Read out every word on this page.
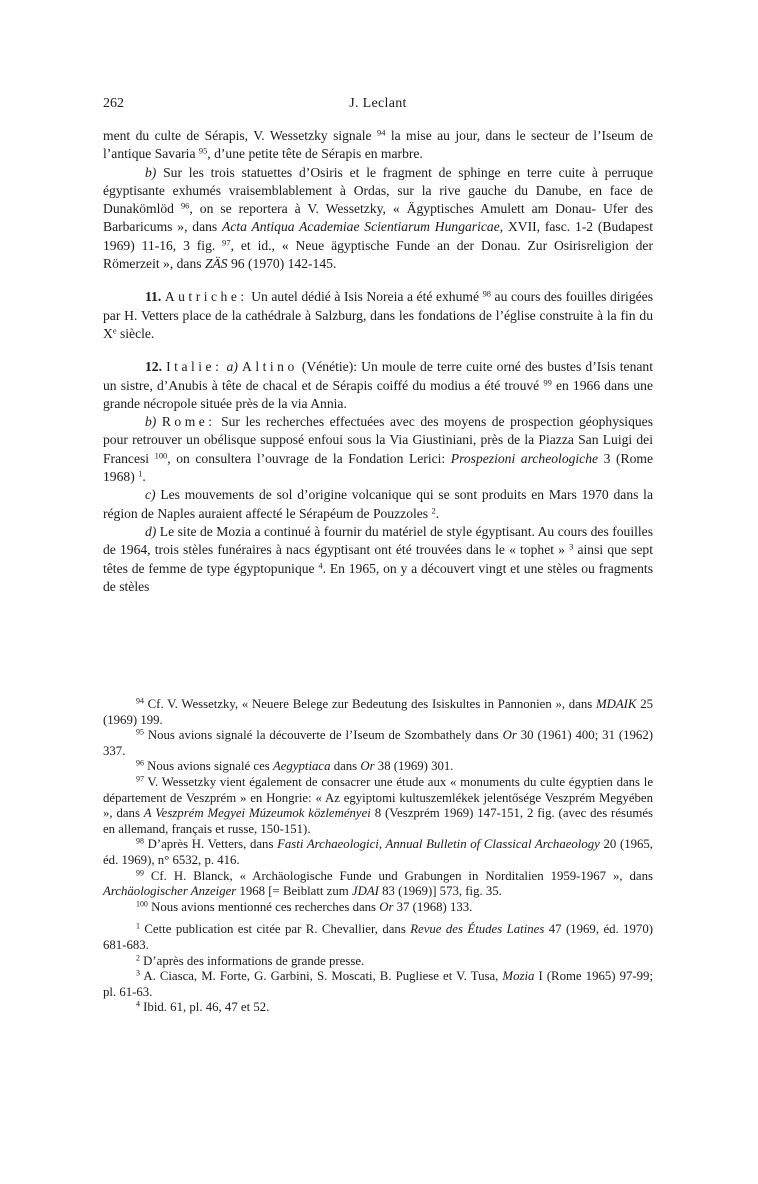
262	J. Leclant

ment du culte de Sérapis, V. Wessetzky signale $^{94}$ la mise au jour, dans le secteur de l’Iseum de l’antique Savaria $^{95}$, d’une petite tête de Sérapis en marbre.

b) Sur les trois statuettes d’Osiris et le fragment de sphinge en terre cuite à perruque égyptisante exhumés vraisemblablement à Ordas, sur la rive gauche du Danube, en face de Dunakömlöd $^{96}$, on se reportera à V. Wessetzky, « Ägyptisches Amulett am Donau- Ufer des Barbaricums », dans Acta Antiqua Academiae Scientiarum Hungaricae, XVII, fasc. 1-2 (Budapest 1969) 11-16, 3 fig. $^{97}$, et id., « Neue ägyptische Funde an der Donau. Zur Osirisreligion der Römerzeit », dans ZÄS 96 (1970) 142-145.

11. Autriche: Un autel dédié à Isis Noreia a été exhumé $^{98}$ au cours des fouilles dirigées par H. Vetters place de la cathédrale à Salzburg, dans les fondations de l’église construite à la fin du Xe siècle.

12. Italie: a) Altino (Vénétie): Un moule de terre cuite orné des bustes d’Isis tenant un sistre, d’Anubis à tête de chacal et de Sérapis coiffé du modius a été trouvé $^{99}$ en 1966 dans une grande nécropole située près de la via Annia.

b) Rome: Sur les recherches effectuées avec des moyens de prospection géophysiques pour retrouver un obélisque supposé enfoui sous la Via Giustiniani, près de la Piazza San Luigi dei Francesi $^{100}$, on consultera l’ouvrage de la Fondation Lerici: Prospezioni archeologiche 3 (Rome 1968) $^1$.

c) Les mouvements de sol d’origine volcanique qui se sont produits en Mars 1970 dans la région de Naples auraient affecté le Sérapéum de Pouzzoles $^2$.

d) Le site de Mozia a continué à fournir du matériel de style égyptisant. Au cours des fouilles de 1964, trois stèles funéraires à nacs égyptisant ont été trouvées dans le « tophet » $^3$ ainsi que sept têtes de femme de type égyptopunique $^4$. En 1965, on y a découvert vingt et une stèles ou fragments de stèles

$^{94}$ Cf. V. Wessetzky, « Neuere Belege zur Bedeutung des Isiskultes in Pannonien », dans MDAIK 25 (1969) 199.

$^{95}$ Nous avions signalé la découverte de l’Iseum de Szombathely dans Or 30 (1961) 400; 31 (1962) 337.

$^{96}$ Nous avions signalé ces Aegyptiaca dans Or 38 (1969) 301.

$^{97}$ V. Wessetzky vient également de consacrer une étude aux « monuments du culte égyptien dans le département de Veszprém » en Hongrie: « Az egyiptomi kultuszemlékek jelentősége Veszprém Megyében », dans A Veszprém Megyei Múzeumok közleményei 8 (Veszprém 1969) 147-151, 2 fig. (avec des résumés en allemand, français et russe, 150-151).

$^{98}$ D’après H. Vetters, dans Fasti Archaeologici, Annual Bulletin of Classical Archaeology 20 (1965, éd. 1969), n° 6532, p. 416.

$^{99}$ Cf. H. Blanck, « Archäologische Funde und Grabungen in Norditalien 1959-1967 », dans Archäologischer Anzeiger 1968 [= Beiblatt zum JDAI 83 (1969)] 573, fig. 35.

$^{100}$ Nous avions mentionné ces recherches dans Or 37 (1968) 133.

$^1$ Cette publication est citée par R. Chevallier, dans Revue des Études Latines 47 (1969, éd. 1970) 681-683.

$^2$ D’après des informations de grande presse.

$^3$ A. Ciasca, M. Forte, G. Garbini, S. Moscati, B. Pugliese et V. Tusa, Mozia I (Rome 1965) 97-99; pl. 61-63.

$^4$ Ibid. 61, pl. 46, 47 et 52.
